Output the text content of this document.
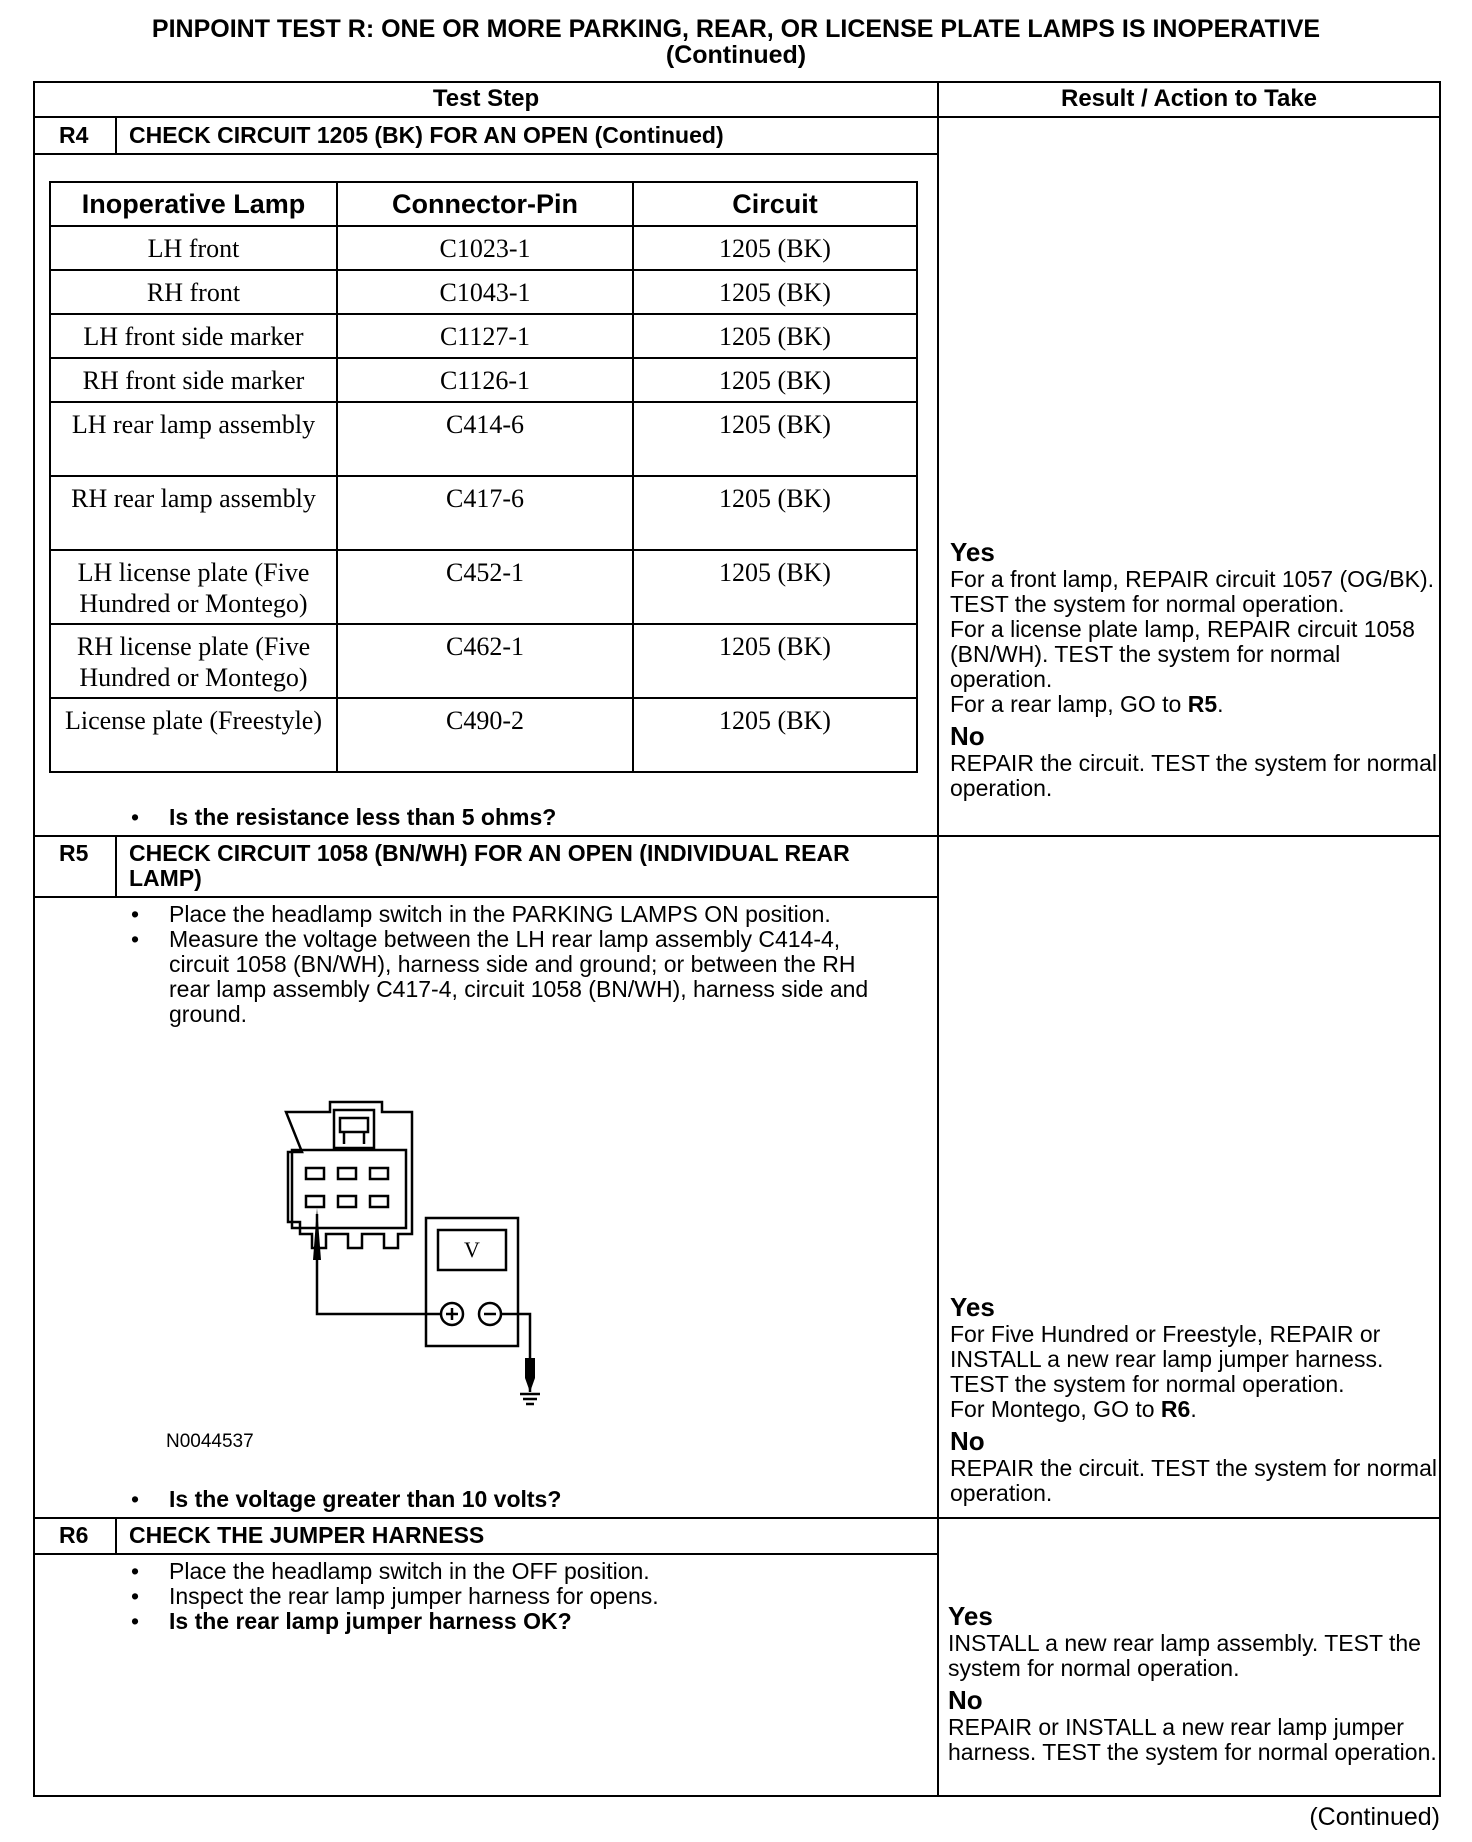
PINPOINT TEST R: ONE OR MORE PARKING, REAR, OR LICENSE PLATE LAMPS IS INOPERATIVE
(Continued)
Test Step	Result / Action to Take
R4 CHECK CIRCUIT 1205 (BK) FOR AN OPEN (Continued)
Inoperative Lamp	Connector-Pin	Circuit
LH front	C1023-1	1205 (BK)
RH front	C1043-1	1205 (BK)
LH front side marker	C1127-1	1205 (BK)
RH front side marker	C1126-1	1205 (BK)
LH rear lamp assembly	C414-6	1205 (BK)
RH rear lamp assembly	C417-6	1205 (BK)
LH license plate (Five Hundred or Montego)	C452-1	1205 (BK)
RH license plate (Five Hundred or Montego)	C462-1	1205 (BK)
License plate (Freestyle)	C490-2	1205 (BK)
• Is the resistance less than 5 ohms?

Yes

For a front lamp, REPAIR circuit 1057 (OG/BK). TEST the system for normal operation.

For a license plate lamp, REPAIR circuit 1058 (BN/WH). TEST the system for normal operation.

For a rear lamp, GO to R5.

No

REPAIR the circuit. TEST the system for normal operation.

R5 CHECK CIRCUIT 1058 (BN/WH) FOR AN OPEN (INDIVIDUAL REAR LAMP)
• Place the headlamp switch in the PARKING LAMPS ON position.
• Measure the voltage between the LH rear lamp assembly C414-4, circuit 1058 (BN/WH), harness side and ground; or between the RH rear lamp assembly C417-4, circuit 1058 (BN/WH), harness side and ground.
V
N0044537
• Is the voltage greater than 10 volts?

Yes

For Five Hundred or Freestyle, REPAIR or INSTALL a new rear lamp jumper harness. TEST the system for normal operation.

For Montego, GO to R6.

No

REPAIR the circuit. TEST the system for normal operation.

R6 CHECK THE JUMPER HARNESS
• Place the headlamp switch in the OFF position.
• Inspect the rear lamp jumper harness for opens.
• Is the rear lamp jumper harness OK?	Yes

INSTALL a new rear lamp assembly. TEST the system for normal operation.

No

REPAIR or INSTALL a new rear lamp jumper harness. TEST the system for normal operation.

(Continued)
